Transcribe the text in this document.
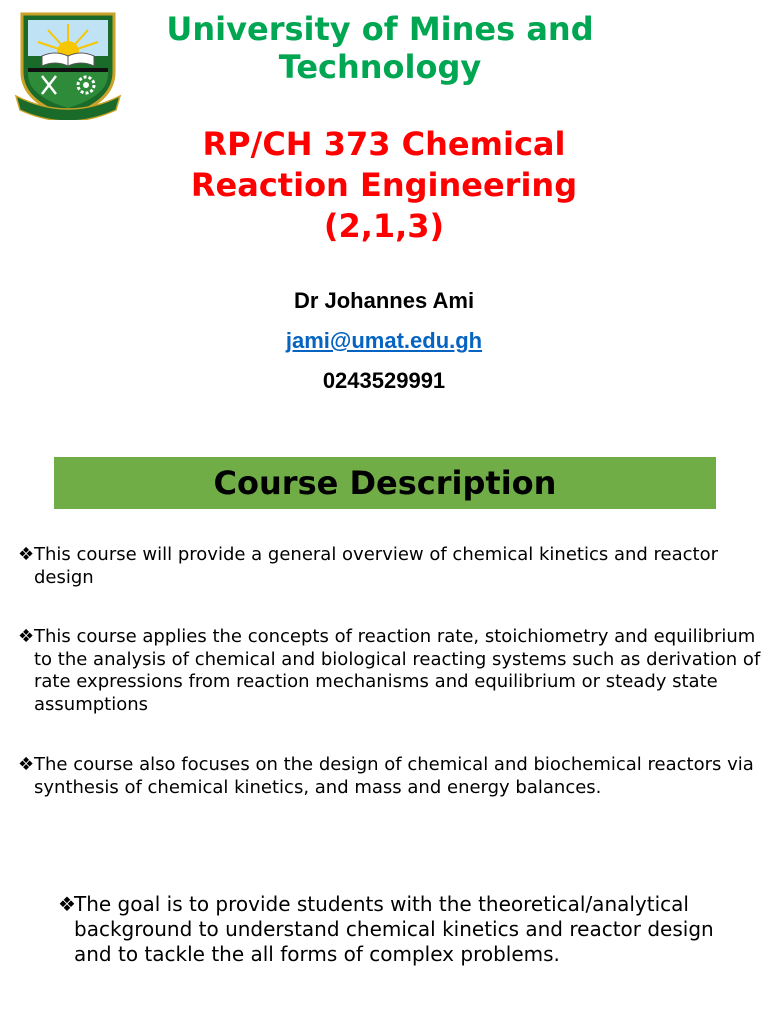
University of Mines and Technology
RP/CH 373 Chemical Reaction Engineering (2,1,3)
Dr Johannes Ami
jami@umat.edu.gh
0243529991
Course Description
❖ This course will provide a general overview of chemical kinetics and reactor design
❖ This course applies the concepts of reaction rate, stoichiometry and equilibrium to the analysis of chemical and biological reacting systems such as derivation of rate expressions from reaction mechanisms and equilibrium or steady state assumptions
❖ The course also focuses on the design of chemical and biochemical reactors via synthesis of chemical kinetics, and mass and energy balances.
❖
The goal is to provide students with the theoretical/analytical background to understand chemical kinetics and reactor design and to tackle the all forms of complex problems.
